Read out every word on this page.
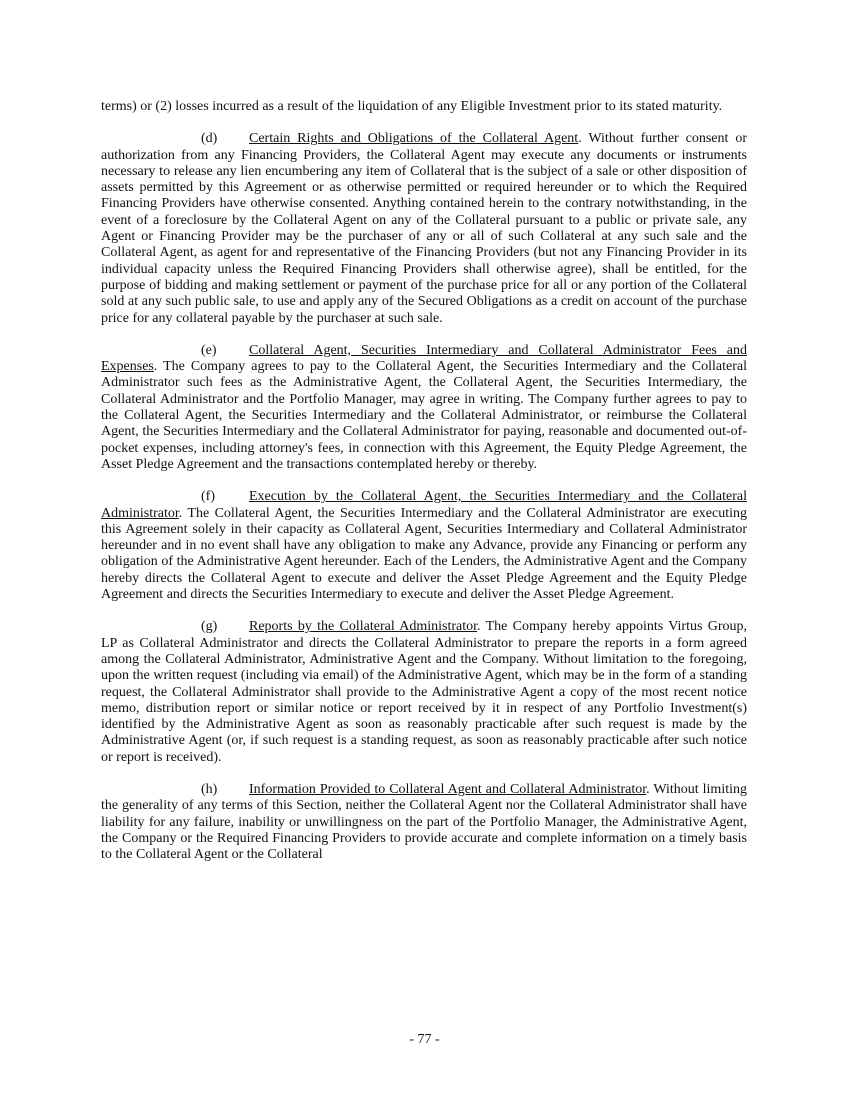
terms) or (2) losses incurred as a result of the liquidation of any Eligible Investment prior to its stated maturity.

(d) Certain Rights and Obligations of the Collateral Agent. Without further consent or authorization from any Financing Providers, the Collateral Agent may execute any documents or instruments necessary to release any lien encumbering any item of Collateral that is the subject of a sale or other disposition of assets permitted by this Agreement or as otherwise permitted or required hereunder or to which the Required Financing Providers have otherwise consented. Anything contained herein to the contrary notwithstanding, in the event of a foreclosure by the Collateral Agent on any of the Collateral pursuant to a public or private sale, any Agent or Financing Provider may be the purchaser of any or all of such Collateral at any such sale and the Collateral Agent, as agent for and representative of the Financing Providers (but not any Financing Provider in its individual capacity unless the Required Financing Providers shall otherwise agree), shall be entitled, for the purpose of bidding and making settlement or payment of the purchase price for all or any portion of the Collateral sold at any such public sale, to use and apply any of the Secured Obligations as a credit on account of the purchase price for any collateral payable by the purchaser at such sale.

(e) Collateral Agent, Securities Intermediary and Collateral Administrator Fees and Expenses. The Company agrees to pay to the Collateral Agent, the Securities Intermediary and the Collateral Administrator such fees as the Administrative Agent, the Collateral Agent, the Securities Intermediary, the Collateral Administrator and the Portfolio Manager, may agree in writing. The Company further agrees to pay to the Collateral Agent, the Securities Intermediary and the Collateral Administrator, or reimburse the Collateral Agent, the Securities Intermediary and the Collateral Administrator for paying, reasonable and documented out-of-pocket expenses, including attorney's fees, in connection with this Agreement, the Equity Pledge Agreement, the Asset Pledge Agreement and the transactions contemplated hereby or thereby.

(f) Execution by the Collateral Agent, the Securities Intermediary and the Collateral Administrator. The Collateral Agent, the Securities Intermediary and the Collateral Administrator are executing this Agreement solely in their capacity as Collateral Agent, Securities Intermediary and Collateral Administrator hereunder and in no event shall have any obligation to make any Advance, provide any Financing or perform any obligation of the Administrative Agent hereunder. Each of the Lenders, the Administrative Agent and the Company hereby directs the Collateral Agent to execute and deliver the Asset Pledge Agreement and the Equity Pledge Agreement and directs the Securities Intermediary to execute and deliver the Asset Pledge Agreement.

(g) Reports by the Collateral Administrator. The Company hereby appoints Virtus Group, LP as Collateral Administrator and directs the Collateral Administrator to prepare the reports in a form agreed among the Collateral Administrator, Administrative Agent and the Company. Without limitation to the foregoing, upon the written request (including via email) of the Administrative Agent, which may be in the form of a standing request, the Collateral Administrator shall provide to the Administrative Agent a copy of the most recent notice memo, distribution report or similar notice or report received by it in respect of any Portfolio Investment(s) identified by the Administrative Agent as soon as reasonably practicable after such request is made by the Administrative Agent (or, if such request is a standing request, as soon as reasonably practicable after such notice or report is received).

(h) Information Provided to Collateral Agent and Collateral Administrator. Without limiting the generality of any terms of this Section, neither the Collateral Agent nor the Collateral Administrator shall have liability for any failure, inability or unwillingness on the part of the Portfolio Manager, the Administrative Agent, the Company or the Required Financing Providers to provide accurate and complete information on a timely basis to the Collateral Agent or the Collateral

- 77 -
